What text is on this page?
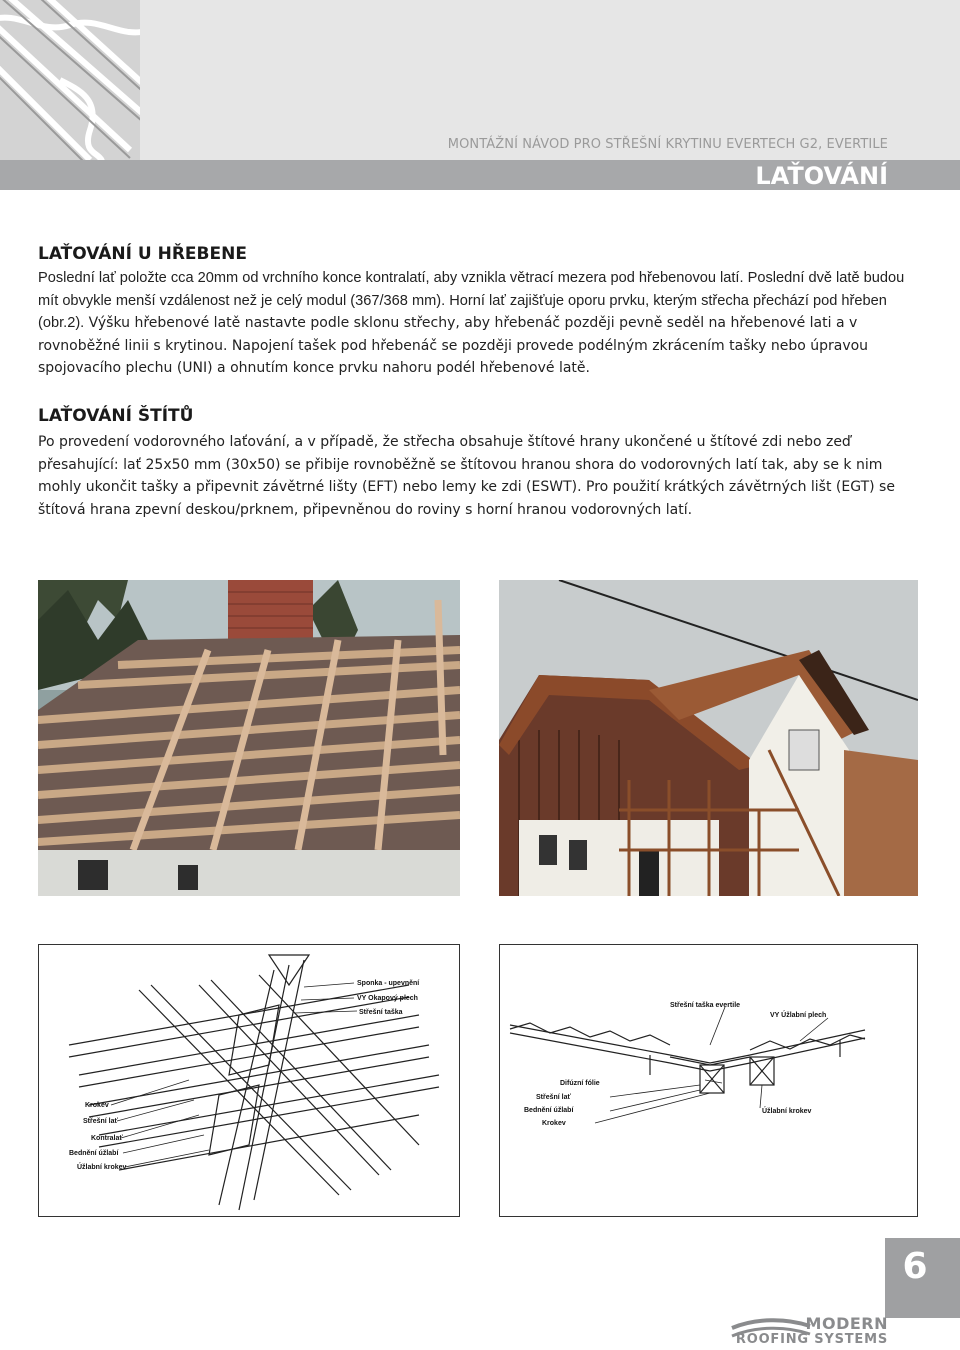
MONTÁŽNÍ NÁVOD PRO STŘEŠNÍ KRYTINU EVERTECH G2, EVERTILE
LAŤOVÁNÍ
LAŤOVÁNÍ U HŘEBENE
Poslední lať položte cca 20mm od vrchního konce kontralatí, aby vznikla větrací mezera pod hřebenovou latí. Poslední dvě latě budou mít obvykle menší vzdálenost než je celý modul (367/368 mm). Horní lať zajišťuje oporu prvku, kterým střecha přechází pod hřeben (obr.2). Výšku hřebenové latě nastavte podle sklonu střechy, aby hřebenáč později pevně seděl na hřebenové lati a v rovnoběžné linii s krytinou. Napojení tašek pod hřebenáč se později provede podélným zkrácením tašky nebo úpravou spojovacího plechu (UNI) a ohnutím konce prvku nahoru podél hřebenové latě.
LAŤOVÁNÍ ŠTÍTŮ
Po provedení vodorovného laťování, a v případě, že střecha obsahuje štítové hrany ukončené u štítové zdi nebo zeď přesahující: lať 25x50 mm (30x50) se přibije rovnoběžně se štítovou hranou shora do vodorovných latí tak, aby se k nim mohly ukončit tašky a připevnit závětrné lišty (EFT) nebo lemy ke zdi (ESWT). Pro použití krátkých závětrných lišt (EGT) se štítová hrana zpevní deskou/prknem, připevněnou do roviny s horní hranou vodorovných latí.
Sponka - upevnění
VY Okapový plech
Střešní taška
Krokev
Střešní lať
Kontralať
Bednění úžlabí
Úžlabní krokev
Střešní taška evertile
VY Úžlabní plech
Difúzní fólie
Střešní lať
Bednění úžlabí
Krokev
Úžlabní krokev
6
MODERN
ROOFING SYSTEMS
